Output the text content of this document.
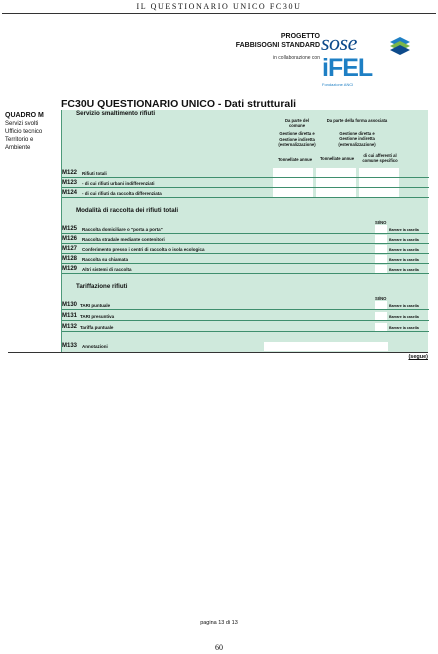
IL QUESTIONARIO UNICO FC30U
PROGETTO
FABBISOGNI STANDARD
in collaborazione con
sose
iFEL
Fondazione ANCI
QUADRO M
Servizi svolti
Ufficio tecnico
Territorio e
Ambiente
FC30U QUESTIONARIO UNICO - Dati strutturali
Servizio smaltimento rifiuti
Da parte del
comune
Gestione diretta e
Gestione indiretta
(esternalizzazione)
Da parte della forma associata
Gestione diretta e
Gestione indiretta
(esternalizzazione)
Tonnellate annue	Tonnellate annue
di cui afferenti al
comune specifico
M122 Rifiuti totali
M123 - di cui rifiuti urbani indifferenziati
M124 - di cui rifiuti da raccolta differenziata
Modalità di raccolta dei rifiuti totali
SI/NO
M125 Raccolta domiciliare o "porta a porta"	Barrare la casella
M126 Raccolta stradale mediante contenitori	Barrare la casella
M127 Conferimento presso i centri di raccolta o isola ecologica	Barrare la casella
M128 Raccolta su chiamata	Barrare la casella
M129 Altri sistemi di raccolta	Barrare la casella
Tariffazione rifiuti
SI/NO
M130 TARI puntuale	Barrare la casella
M131 TARI presuntiva	Barrare la casella
M132 Tariffa puntuale	Barrare la casella
M133 Annotazioni
(segue)
pagina 13 di 13
60
